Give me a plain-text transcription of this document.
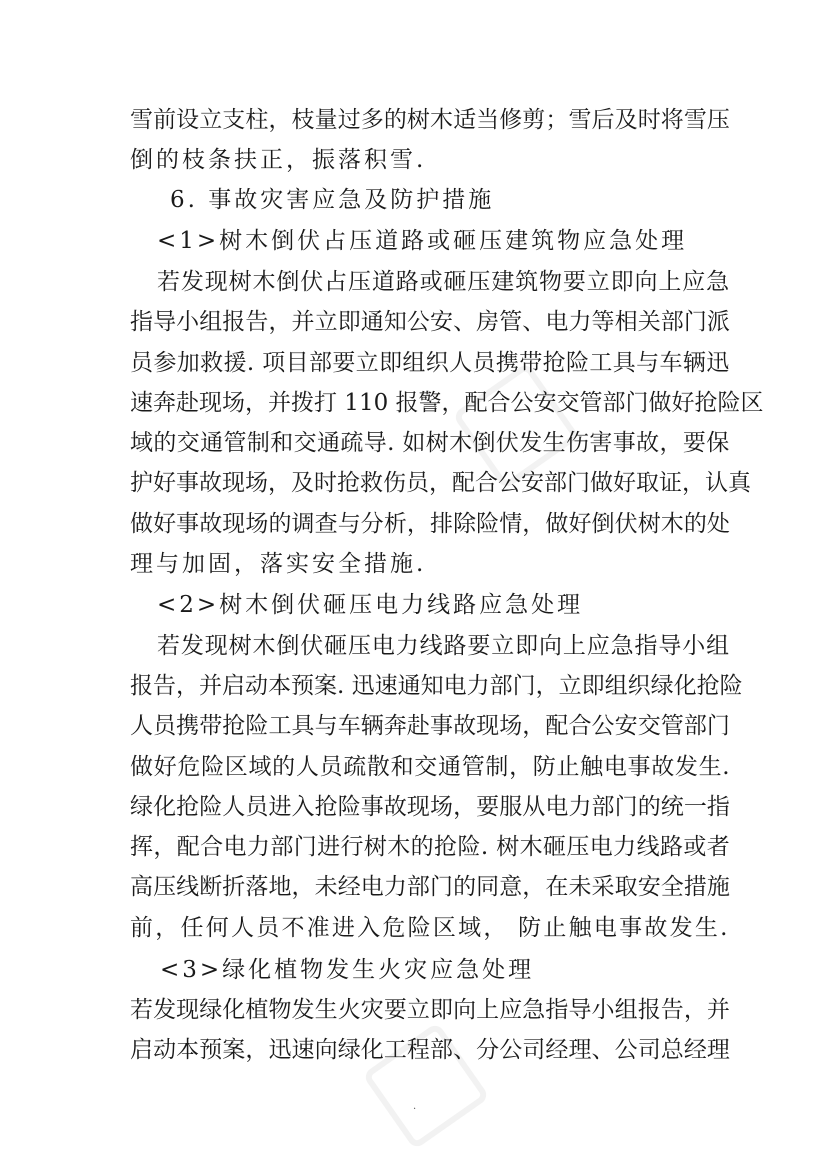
雪前设立支柱，枝量过多的树木适当修剪；雪后及时将雪压
倒的枝条扶正，振落积雪.
6. 事故灾害应急及防护措施
<1>树木倒伏占压道路或砸压建筑物应急处理
若发现树木倒伏占压道路或砸压建筑物要立即向上应急
指导小组报告，并立即通知公安、房管、电力等相关部门派
员参加救援. 项目部要立即组织人员携带抢险工具与车辆迅
速奔赴现场，并拨打 110 报警，配合公安交管部门做好抢险区
域的交通管制和交通疏导. 如树木倒伏发生伤害事故，要保
护好事故现场，及时抢救伤员，配合公安部门做好取证，认真
做好事故现场的调查与分析，排除险情，做好倒伏树木的处
理与加固，落实安全措施.
<2>树木倒伏砸压电力线路应急处理
若发现树木倒伏砸压电力线路要立即向上应急指导小组
报告，并启动本预案. 迅速通知电力部门，立即组织绿化抢险
人员携带抢险工具与车辆奔赴事故现场，配合公安交管部门
做好危险区域的人员疏散和交通管制，防止触电事故发生.
绿化抢险人员进入抢险事故现场，要服从电力部门的统一指
挥，配合电力部门进行树木的抢险. 树木砸压电力线路或者
高压线断折落地，未经电力部门的同意，在未采取安全措施
前，任何人员不准进入危险区域， 防止触电事故发生.
<3>绿化植物发生火灾应急处理
若发现绿化植物发生火灾要立即向上应急指导小组报告，并
启动本预案，迅速向绿化工程部、分公司经理、公司总经理
.
